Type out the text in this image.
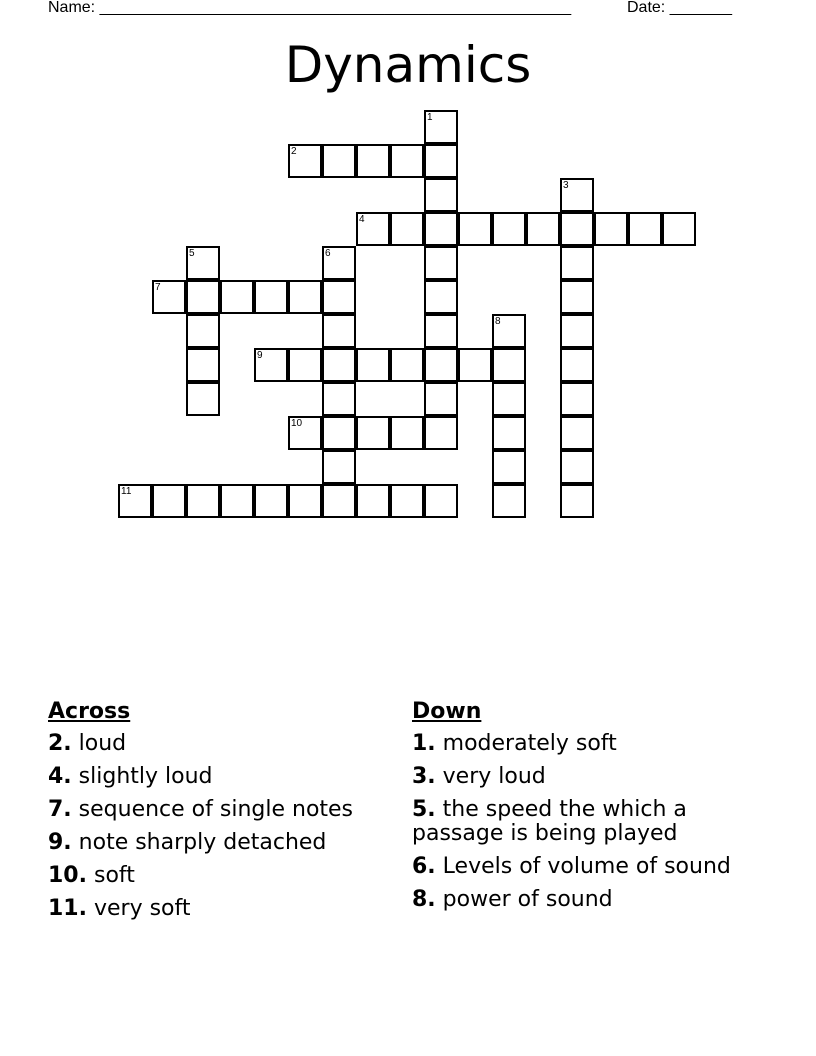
Name: _____________________________________________________	Date: _______
Dynamics
1
2
3
4
5	6
7
8
9
10
11
Across
2. loud
4. slightly loud
7. sequence of single notes
9. note sharply detached
10. soft
11. very soft
Down
1. moderately soft
3. very loud
5. the speed the which a passage is being played
6. Levels of volume of sound
8. power of sound
